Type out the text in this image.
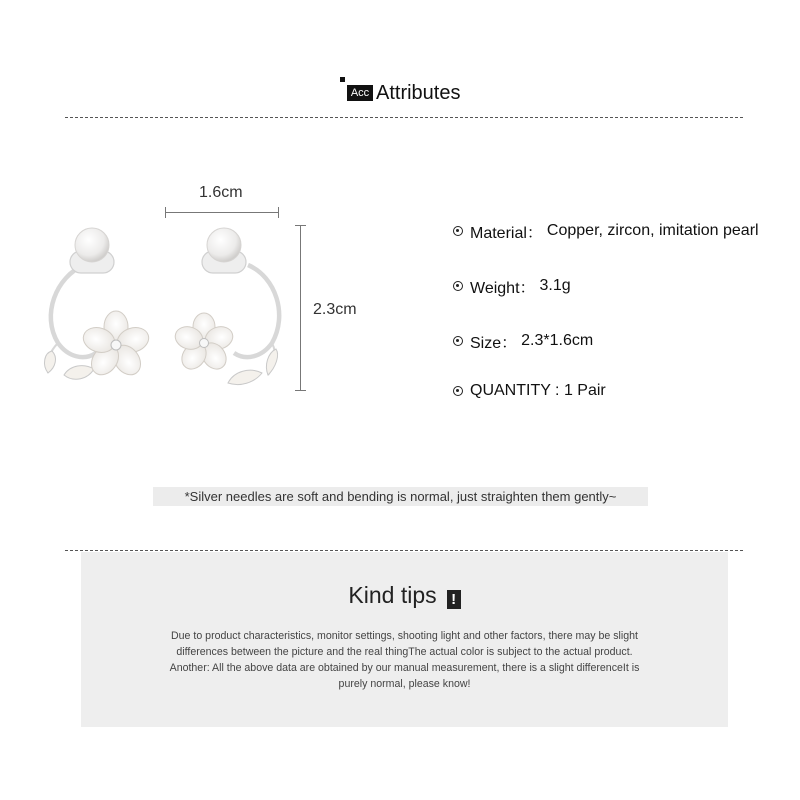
Acc Attributes
1.6cm
2.3cm
Material： Copper, zircon, imitation pearl
Weight： 3.1g
Size： 2.3*1.6cm
QUANTITY : 1 Pair
*Silver needles are soft and bending is normal, just straighten them gently~
Kind tips !
Due to product characteristics, monitor settings, shooting light and other factors, there may be slight
differences between the picture and the real thingThe actual color is subject to the actual product.
Another: All the above data are obtained by our manual measurement, there is a slight differenceIt is
purely normal, please know!
